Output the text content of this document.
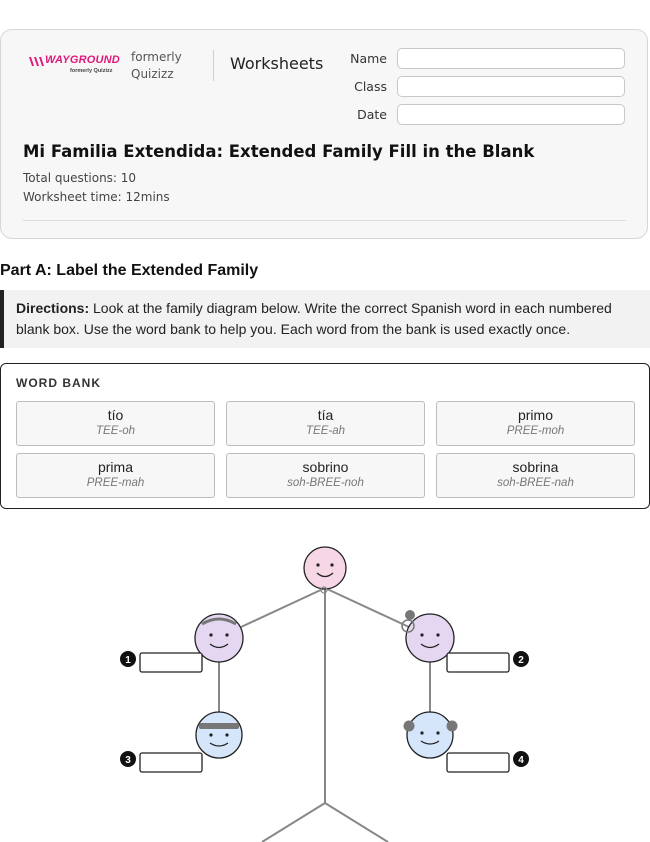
WAYGROUND
formerly Quizizz
formerly
Quizizz
Worksheets	Name
Class
Date
Mi Familia Extendida: Extended Family Fill in the Blank
Total questions: 10
Worksheet time: 12mins
Part A: Label the Extended Family
Directions: Look at the family diagram below. Write the correct Spanish word in each numbered blank box. Use the word bank to help you. Each word from the bank is used exactly once.
WORD BANK
tío
TEE-oh
tía
TEE-ah
primo
PREE-moh
prima
PREE-mah
sobrino
soh-BREE-noh
sobrina
soh-BREE-nah
1	2
3	4
